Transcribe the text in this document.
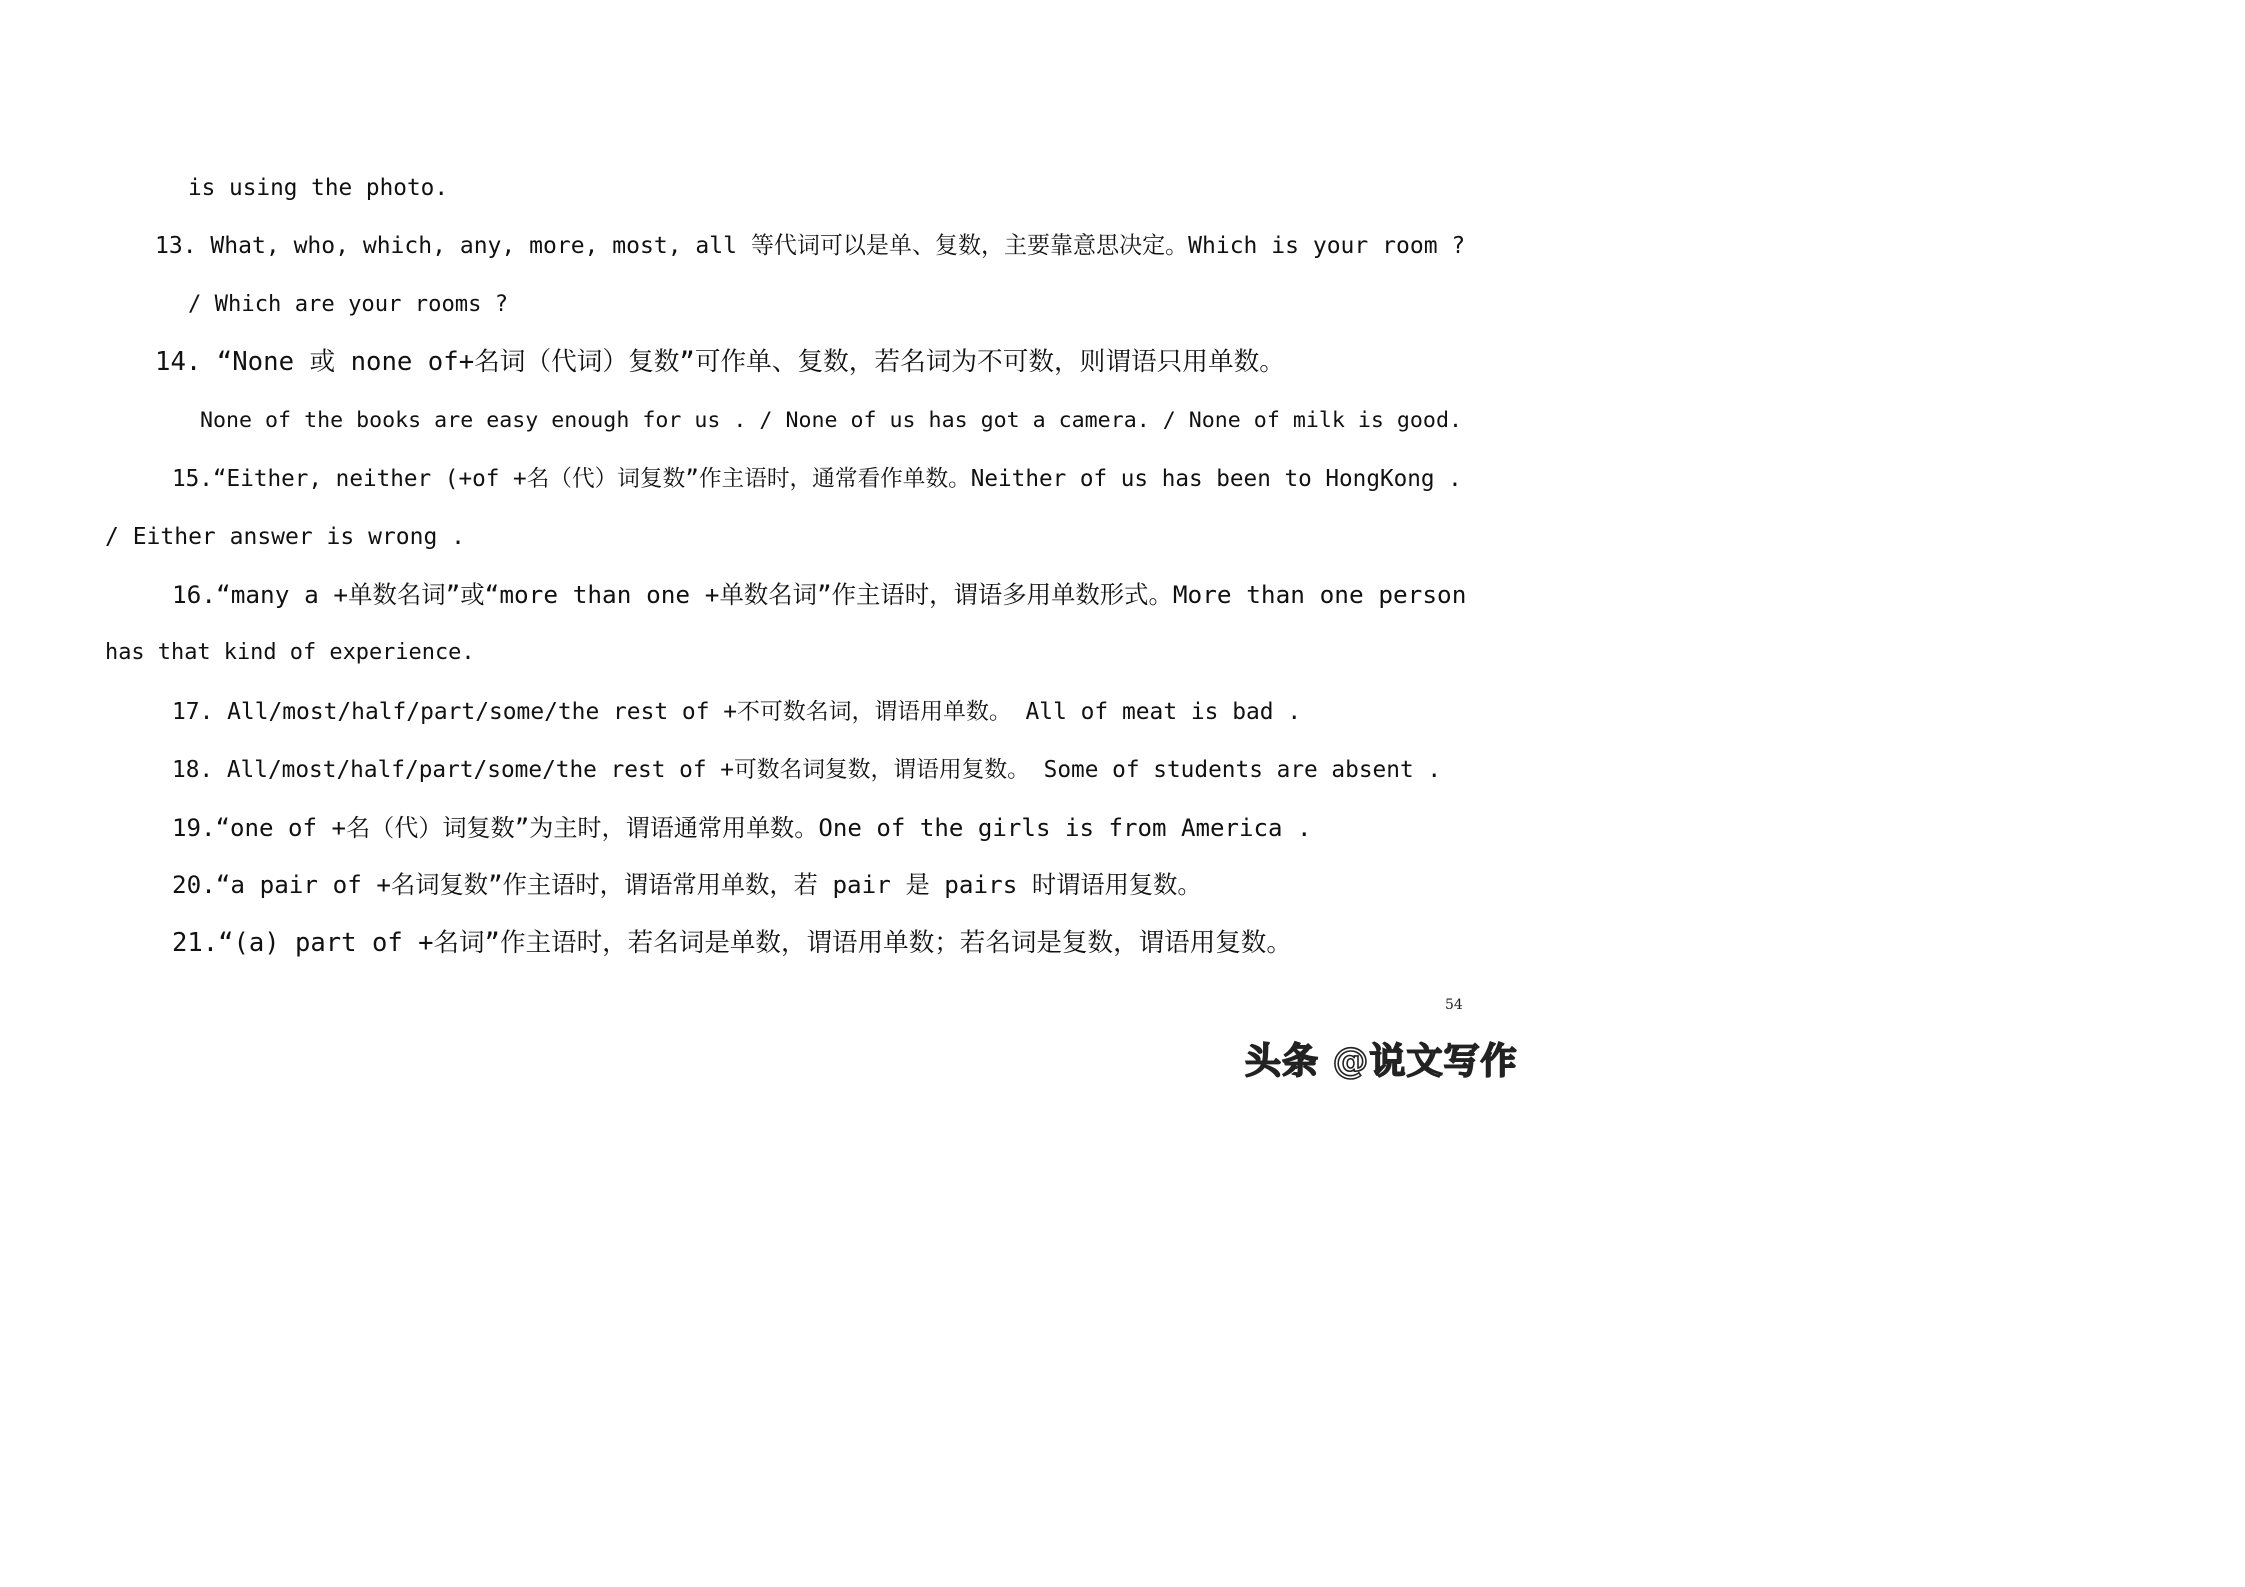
is using the photo.
13. What, who, which, any, more, most, all 等代词可以是单、复数，主要靠意思决定。Which is your room ?
/ Which are your rooms ?
14. “None 或 none of+名词（代词）复数”可作单、复数，若名词为不可数，则谓语只用单数。
None of the books are easy enough for us . / None of us has got a camera. / None of milk is good.
15.“Either, neither (+of +名（代）词复数”作主语时，通常看作单数。Neither of us has been to HongKong .
/ Either answer is wrong .
16.“many a +单数名词”或“more than one +单数名词”作主语时，谓语多用单数形式。More than one person
has that kind of experience.
17. All/most/half/part/some/the rest of +不可数名词，谓语用单数。 All of meat is bad .
18. All/most/half/part/some/the rest of +可数名词复数，谓语用复数。 Some of students are absent .
19.“one of +名（代）词复数”为主时，谓语通常用单数。One of the girls is from America .
20.“a pair of +名词复数”作主语时，谓语常用单数，若 pair 是 pairs 时谓语用复数。
21.“(a) part of +名词”作主语时，若名词是单数，谓语用单数；若名词是复数，谓语用复数。
54
头条 @说文写作
